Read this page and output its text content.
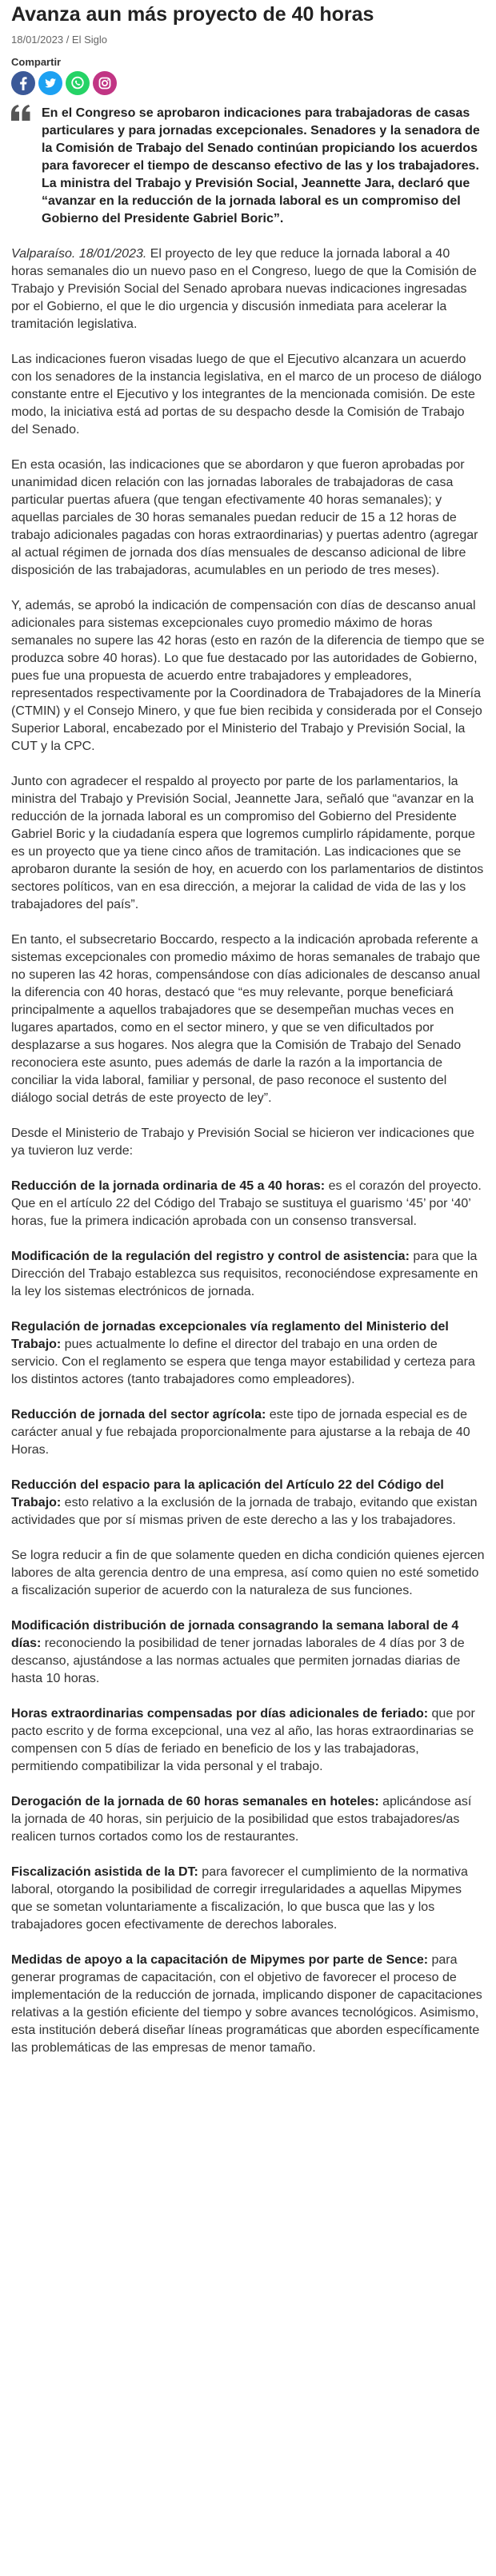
Avanza aun más proyecto de 40 horas
18/01/2023 / El Siglo
Compartir
En el Congreso se aprobaron indicaciones para trabajadoras de casas particulares y para jornadas excepcionales. Senadores y la senadora de la Comisión de Trabajo del Senado continúan propiciando los acuerdos para favorecer el tiempo de descanso efectivo de las y los trabajadores. La ministra del Trabajo y Previsión Social, Jeannette Jara, declaró que “avanzar en la reducción de la jornada laboral es un compromiso del Gobierno del Presidente Gabriel Boric”.

Valparaíso. 18/01/2023. El proyecto de ley que reduce la jornada laboral a 40 horas semanales dio un nuevo paso en el Congreso, luego de que la Comisión de Trabajo y Previsión Social del Senado aprobara nuevas indicaciones ingresadas por el Gobierno, el que le dio urgencia y discusión inmediata para acelerar la tramitación legislativa.

Las indicaciones fueron visadas luego de que el Ejecutivo alcanzara un acuerdo con los senadores de la instancia legislativa, en el marco de un proceso de diálogo constante entre el Ejecutivo y los integrantes de la mencionada comisión. De este modo, la iniciativa está ad portas de su despacho desde la Comisión de Trabajo del Senado.

En esta ocasión, las indicaciones que se abordaron y que fueron aprobadas por unanimidad dicen relación con las jornadas laborales de trabajadoras de casa particular puertas afuera (que tengan efectivamente 40 horas semanales); y aquellas parciales de 30 horas semanales puedan reducir de 15 a 12 horas de trabajo adicionales pagadas con horas extraordinarias) y puertas adentro (agregar al actual régimen de jornada dos días mensuales de descanso adicional de libre disposición de las trabajadoras, acumulables en un periodo de tres meses).

Y, además, se aprobó la indicación de compensación con días de descanso anual adicionales para sistemas excepcionales cuyo promedio máximo de horas semanales no supere las 42 horas (esto en razón de la diferencia de tiempo que se produzca sobre 40 horas). Lo que fue destacado por las autoridades de Gobierno, pues fue una propuesta de acuerdo entre trabajadores y empleadores, representados respectivamente por la Coordinadora de Trabajadores de la Minería (CTMIN) y el Consejo Minero, y que fue bien recibida y considerada por el Consejo Superior Laboral, encabezado por el Ministerio del Trabajo y Previsión Social, la CUT y la CPC.

Junto con agradecer el respaldo al proyecto por parte de los parlamentarios, la ministra del Trabajo y Previsión Social, Jeannette Jara, señaló que “avanzar en la reducción de la jornada laboral es un compromiso del Gobierno del Presidente Gabriel Boric y la ciudadanía espera que logremos cumplirlo rápidamente, porque es un proyecto que ya tiene cinco años de tramitación. Las indicaciones que se aprobaron durante la sesión de hoy, en acuerdo con los parlamentarios de distintos sectores políticos, van en esa dirección, a mejorar la calidad de vida de las y los trabajadores del país”.

En tanto, el subsecretario Boccardo, respecto a la indicación aprobada referente a sistemas excepcionales con promedio máximo de horas semanales de trabajo que no superen las 42 horas, compensándose con días adicionales de descanso anual la diferencia con 40 horas, destacó que “es muy relevante, porque beneficiará principalmente a aquellos trabajadores que se desempeñan muchas veces en lugares apartados, como en el sector minero, y que se ven dificultados por desplazarse a sus hogares. Nos alegra que la Comisión de Trabajo del Senado reconociera este asunto, pues además de darle la razón a la importancia de conciliar la vida laboral, familiar y personal, de paso reconoce el sustento del diálogo social detrás de este proyecto de ley”.

Desde el Ministerio de Trabajo y Previsión Social se hicieron ver indicaciones que ya tuvieron luz verde:

Reducción de la jornada ordinaria de 45 a 40 horas: es el corazón del proyecto. Que en el artículo 22 del Código del Trabajo se sustituya el guarismo ‘45’ por ‘40’ horas, fue la primera indicación aprobada con un consenso transversal.

Modificación de la regulación del registro y control de asistencia: para que la Dirección del Trabajo establezca sus requisitos, reconociéndose expresamente en la ley los sistemas electrónicos de jornada.

Regulación de jornadas excepcionales vía reglamento del Ministerio del Trabajo: pues actualmente lo define el director del trabajo en una orden de servicio. Con el reglamento se espera que tenga mayor estabilidad y certeza para los distintos actores (tanto trabajadores como empleadores).

Reducción de jornada del sector agrícola: este tipo de jornada especial es de carácter anual y fue rebajada proporcionalmente para ajustarse a la rebaja de 40 Horas.

Reducción del espacio para la aplicación del Artículo 22 del Código del Trabajo: esto relativo a la exclusión de la jornada de trabajo, evitando que existan actividades que por sí mismas priven de este derecho a las y los trabajadores.

Se logra reducir a fin de que solamente queden en dicha condición quienes ejercen labores de alta gerencia dentro de una empresa, así como quien no esté sometido a fiscalización superior de acuerdo con la naturaleza de sus funciones.

Modificación distribución de jornada consagrando la semana laboral de 4 días: reconociendo la posibilidad de tener jornadas laborales de 4 días por 3 de descanso, ajustándose a las normas actuales que permiten jornadas diarias de hasta 10 horas.

Horas extraordinarias compensadas por días adicionales de feriado: que por pacto escrito y de forma excepcional, una vez al año, las horas extraordinarias se compensen con 5 días de feriado en beneficio de los y las trabajadoras, permitiendo compatibilizar la vida personal y el trabajo.

Derogación de la jornada de 60 horas semanales en hoteles: aplicándose así la jornada de 40 horas, sin perjuicio de la posibilidad que estos trabajadores/as realicen turnos cortados como los de restaurantes.

Fiscalización asistida de la DT: para favorecer el cumplimiento de la normativa laboral, otorgando la posibilidad de corregir irregularidades a aquellas Mipymes que se sometan voluntariamente a fiscalización, lo que busca que las y los trabajadores gocen efectivamente de derechos laborales.

Medidas de apoyo a la capacitación de Mipymes por parte de Sence: para generar programas de capacitación, con el objetivo de favorecer el proceso de implementación de la reducción de jornada, implicando disponer de capacitaciones relativas a la gestión eficiente del tiempo y sobre avances tecnológicos. Asimismo, esta institución deberá diseñar líneas programáticas que aborden específicamente las problemáticas de las empresas de menor tamaño.
